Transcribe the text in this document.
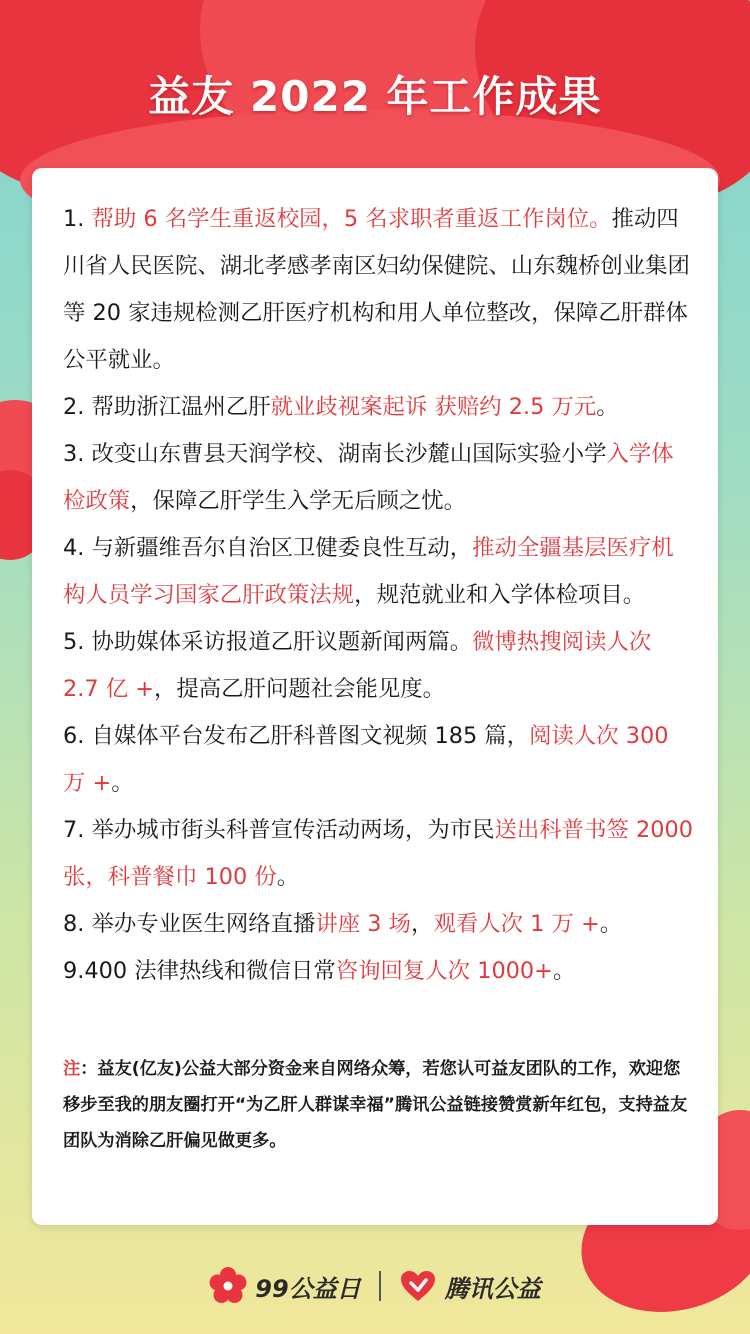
益友 2022 年工作成果

1. 帮助 6 名学生重返校园，5 名求职者重返工作岗位。推动四川省人民医院、湖北孝感孝南区妇幼保健院、山东魏桥创业集团等 20 家违规检测乙肝医疗机构和用人单位整改，保障乙肝群体公平就业。

2. 帮助浙江温州乙肝就业歧视案起诉 获赔约 2.5 万元。

3. 改变山东曹县天润学校、湖南长沙麓山国际实验小学入学体检政策，保障乙肝学生入学无后顾之忧。

4. 与新疆维吾尔自治区卫健委良性互动，推动全疆基层医疗机构人员学习国家乙肝政策法规，规范就业和入学体检项目。

5. 协助媒体采访报道乙肝议题新闻两篇。微博热搜阅读人次 2.7 亿 +，提高乙肝问题社会能见度。

6. 自媒体平台发布乙肝科普图文视频 185 篇，阅读人次 300 万 +。

7. 举办城市街头科普宣传活动两场，为市民送出科普书签 2000 张，科普餐巾 100 份。

8. 举办专业医生网络直播讲座 3 场，观看人次 1 万 +。

9.400 法律热线和微信日常咨询回复人次 1000+。

注：益友(亿友)公益大部分资金来自网络众筹，若您认可益友团队的工作，欢迎您移步至我的朋友圈打开“为乙肝人群谋幸福”腾讯公益链接赞赏新年红包，支持益友团队为消除乙肝偏见做更多。
99公益日	腾讯公益
